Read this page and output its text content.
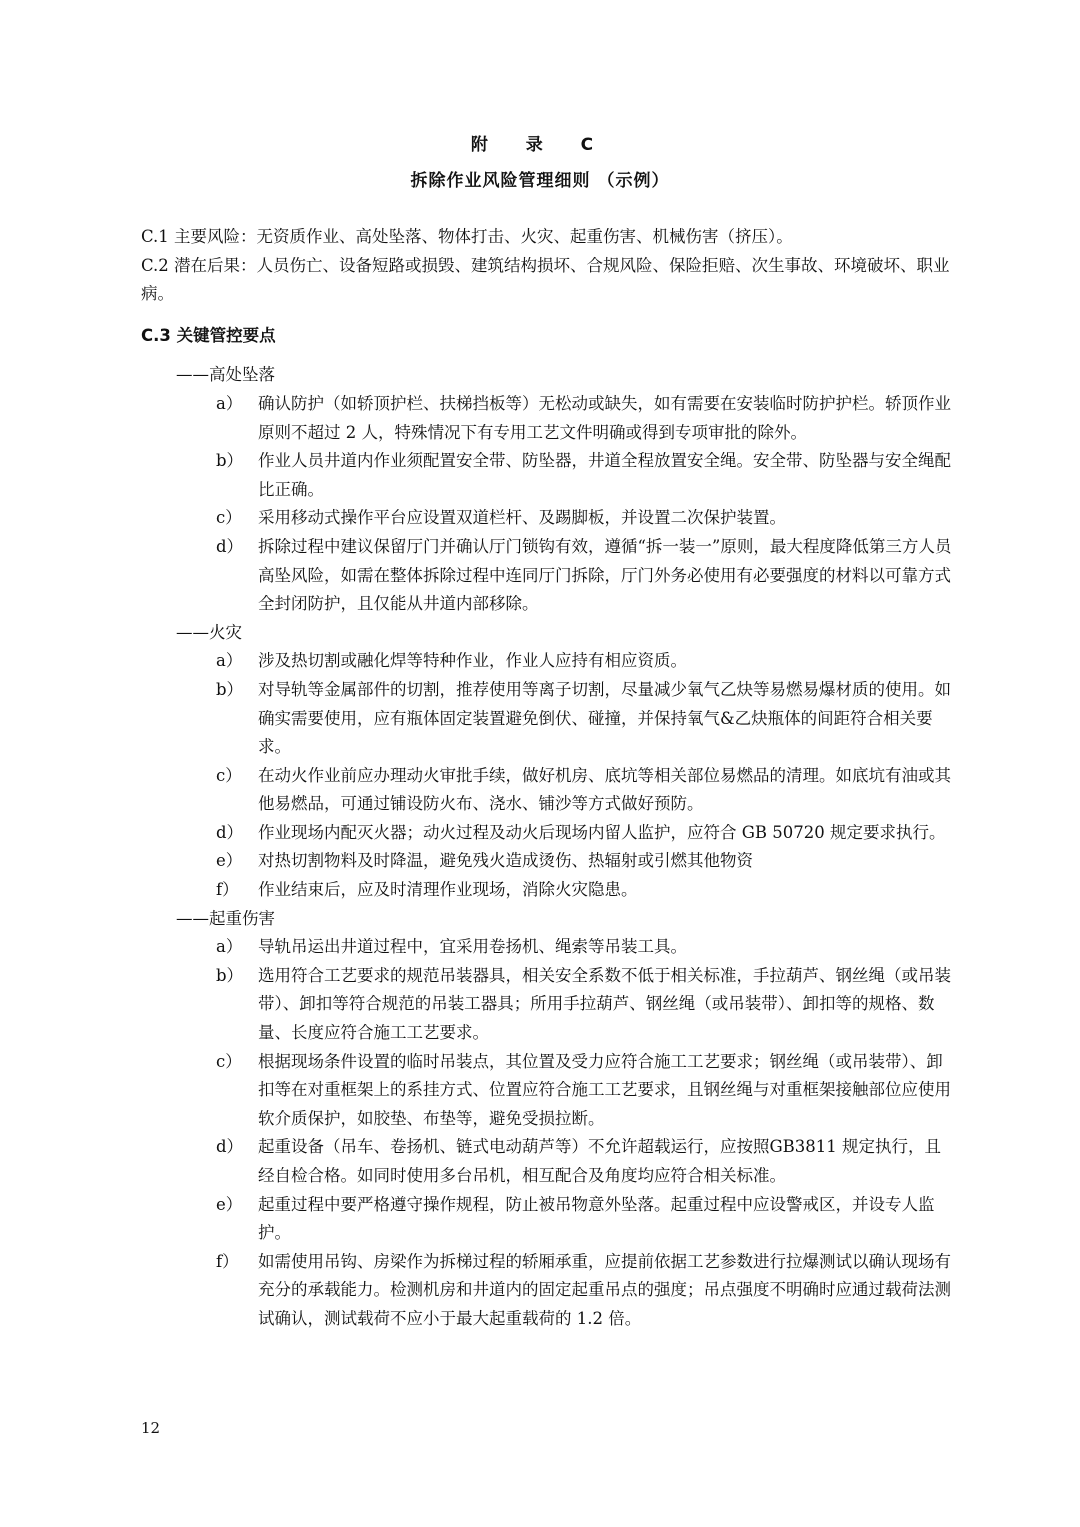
附 录 C
拆除作业风险管理细则 （示例）

C.1 主要风险：无资质作业、高处坠落、物体打击、火灾、起重伤害、机械伤害（挤压）。

C.2 潜在后果：人员伤亡、设备短路或损毁、建筑结构损坏、合规风险、保险拒赔、次生事故、环境破坏、职业病。

C.3 关键管控要点

——高处坠落

a） 确认防护（如轿顶护栏、扶梯挡板等）无松动或缺失，如有需要在安装临时防护护栏。轿顶作业原则不超过 2 人，特殊情况下有专用工艺文件明确或得到专项审批的除外。
b） 作业人员井道内作业须配置安全带、防坠器，井道全程放置安全绳。安全带、防坠器与安全绳配比正确。
c） 采用移动式操作平台应设置双道栏杆、及踢脚板，并设置二次保护装置。
d） 拆除过程中建议保留厅门并确认厅门锁钩有效，遵循“拆一装一”原则，最大程度降低第三方人员高坠风险，如需在整体拆除过程中连同厅门拆除，厅门外务必使用有必要强度的材料以可靠方式全封闭防护，且仅能从井道内部移除。

——火灾

a） 涉及热切割或融化焊等特种作业，作业人应持有相应资质。
b） 对导轨等金属部件的切割，推荐使用等离子切割，尽量减少氧气乙炔等易燃易爆材质的使用。如确实需要使用，应有瓶体固定装置避免倒伏、碰撞，并保持氧气&乙炔瓶体的间距符合相关要求。
c） 在动火作业前应办理动火审批手续，做好机房、底坑等相关部位易燃品的清理。如底坑有油或其他易燃品，可通过铺设防火布、浇水、铺沙等方式做好预防。
d） 作业现场内配灭火器；动火过程及动火后现场内留人监护，应符合 GB 50720 规定要求执行。
e） 对热切割物料及时降温，避免残火造成烫伤、热辐射或引燃其他物资
f）	作业结束后，应及时清理作业现场，消除火灾隐患。

——起重伤害

a） 导轨吊运出井道过程中，宜采用卷扬机、绳索等吊装工具。
b） 选用符合工艺要求的规范吊装器具，相关安全系数不低于相关标准，手拉葫芦、钢丝绳（或吊装带）、卸扣等符合规范的吊装工器具；所用手拉葫芦、钢丝绳（或吊装带）、卸扣等的规格、数量、长度应符合施工工艺要求。
c） 根据现场条件设置的临时吊装点，其位置及受力应符合施工工艺要求；钢丝绳（或吊装带）、卸扣等在对重框架上的系挂方式、位置应符合施工工艺要求，且钢丝绳与对重框架接触部位应使用软介质保护，如胶垫、布垫等，避免受损拉断。
d） 起重设备（吊车、卷扬机、链式电动葫芦等）不允许超载运行，应按照GB3811 规定执行，且经自检合格。如同时使用多台吊机，相互配合及角度均应符合相关标准。
e） 起重过程中要严格遵守操作规程，防止被吊物意外坠落。起重过程中应设警戒区，并设专人监护。
f）	如需使用吊钩、房梁作为拆梯过程的轿厢承重，应提前依据工艺参数进行拉爆测试以确认现场有充分的承载能力。检测机房和井道内的固定起重吊点的强度；吊点强度不明确时应通过载荷法测试确认，测试载荷不应小于最大起重载荷的 1.2 倍。
12
